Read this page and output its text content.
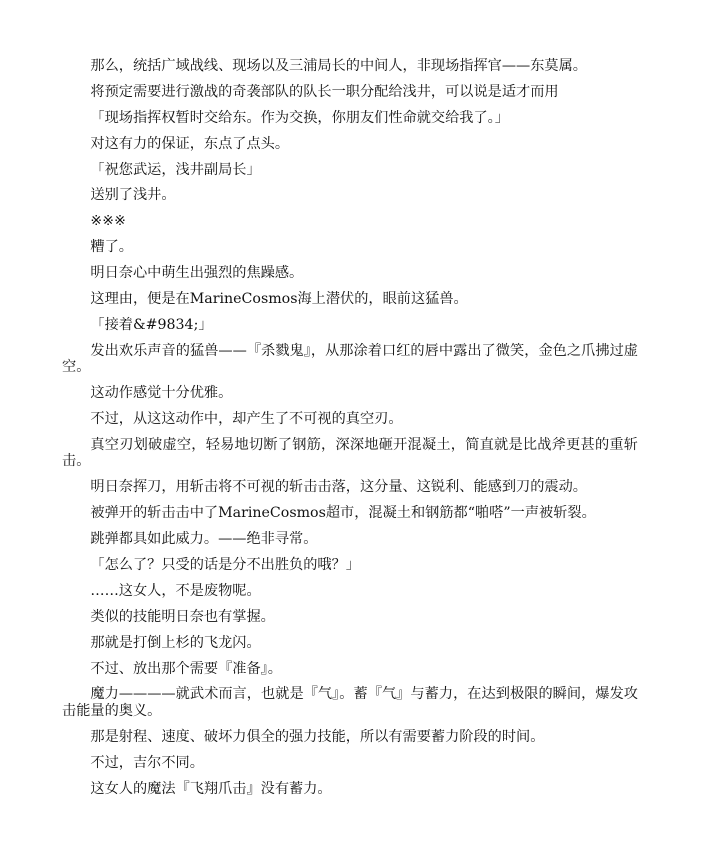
那么，统括广域战线、现场以及三浦局长的中间人，非现场指挥官——东莫属。

将预定需要进行激战的奇袭部队的队长一职分配给浅井，可以说是适才而用

「现场指挥权暂时交给东。作为交换，你朋友们性命就交给我了。」

对这有力的保证，东点了点头。

「祝您武运，浅井副局长」

送别了浅井。

※※※

糟了。

明日奈心中萌生出强烈的焦躁感。

这理由，便是在MarineCosmos海上潜伏的，眼前这猛兽。

「接着&#9834;」

发出欢乐声音的猛兽——『杀戮鬼』，从那涂着口红的唇中露出了微笑，金色之爪拂过虚空。

这动作感觉十分优雅。

不过，从这这动作中，却产生了不可视的真空刃。

真空刃划破虚空，轻易地切断了钢筋，深深地砸开混凝土，简直就是比战斧更甚的重斩击。

明日奈挥刀，用斩击将不可视的斩击击落，这分量、这锐利、能感到刀的震动。

被弹开的斩击击中了MarineCosmos超市，混凝土和钢筋都“啪嗒”一声被斩裂。

跳弹都具如此威力。——绝非寻常。

「怎么了？只受的话是分不出胜负的哦？」

……这女人，不是废物呢。

类似的技能明日奈也有掌握。

那就是打倒上杉的飞龙闪。

不过、放出那个需要『准备』。

魔力————就武术而言，也就是『气』。蓄『气』与蓄力，在达到极限的瞬间，爆发攻击能量的奥义。

那是射程、速度、破坏力俱全的强力技能，所以有需要蓄力阶段的时间。

不过，吉尔不同。

这女人的魔法『飞翔爪击』没有蓄力。
